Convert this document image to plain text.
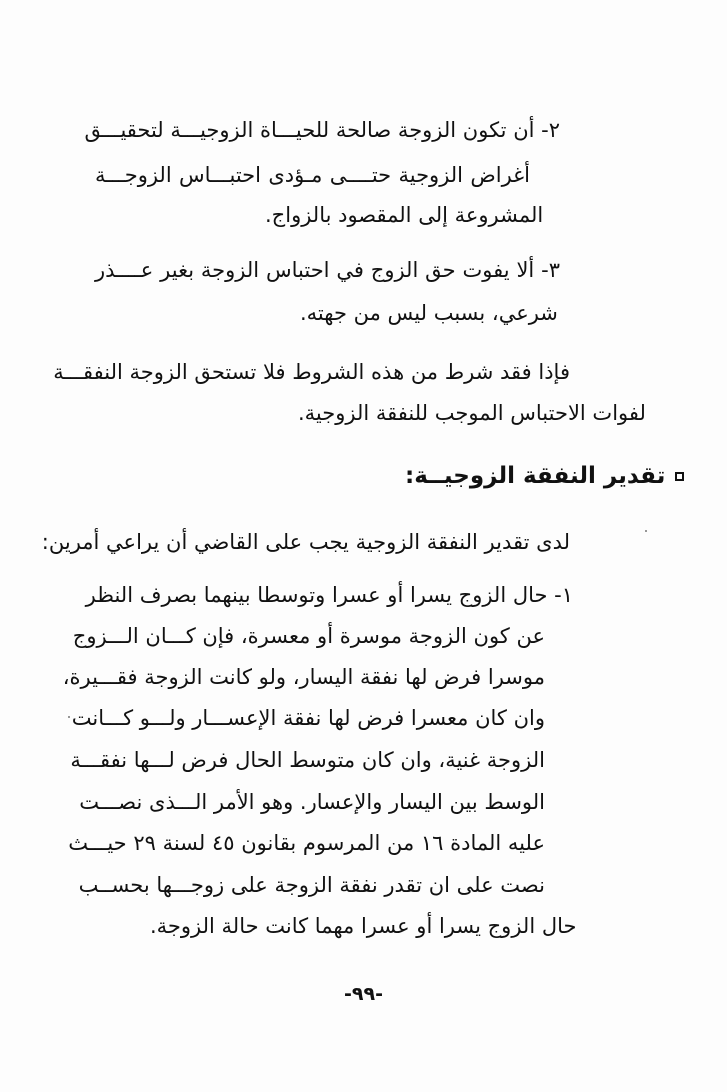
٢- أن تكون الزوجة صالحة للحيـــاة الزوجيـــة لتحقيـــق
أغراض الزوجية حتــــى مـؤدى احتبـــاس الزوجـــة
المشروعة إلى المقصود بالزواج.
٣- ألا يفوت حق الزوج في احتباس الزوجة بغير عــــذر
شرعي، بسبب ليس من جهته.
فإذا فقد شرط من هذه الشروط فلا تستحق الزوجة النفقـــة
لفوات الاحتباس الموجب للنفقة الزوجية.
تقدير النفقة الزوجيــة:
لدى تقدير النفقة الزوجية يجب على القاضي أن يراعي أمرين:
١- حال الزوج يسرا أو عسرا وتوسطا بينهما بصرف النظر
عن كون الزوجة موسرة أو معسرة، فإن كـــان الـــزوج
موسرا فرض لها نفقة اليسار، ولو كانت الزوجة فقـــيرة،
وان كان معسرا فرض لها نفقة الإعســـار ولـــو كـــانت
الزوجة غنية، وان كان متوسط الحال فرض لـــها نفقـــة
الوسط بين اليسار والإعسار. وهو الأمر الـــذى نصـــت
عليه المادة ١٦ من المرسوم بقانون ٤٥ لسنة ٢٩ حيـــث
نصت على ان تقدر نفقة الزوجة على زوجـــها بحســب
حال الزوج يسرا أو عسرا مهما كانت حالة الزوجة.
-٩٩-
